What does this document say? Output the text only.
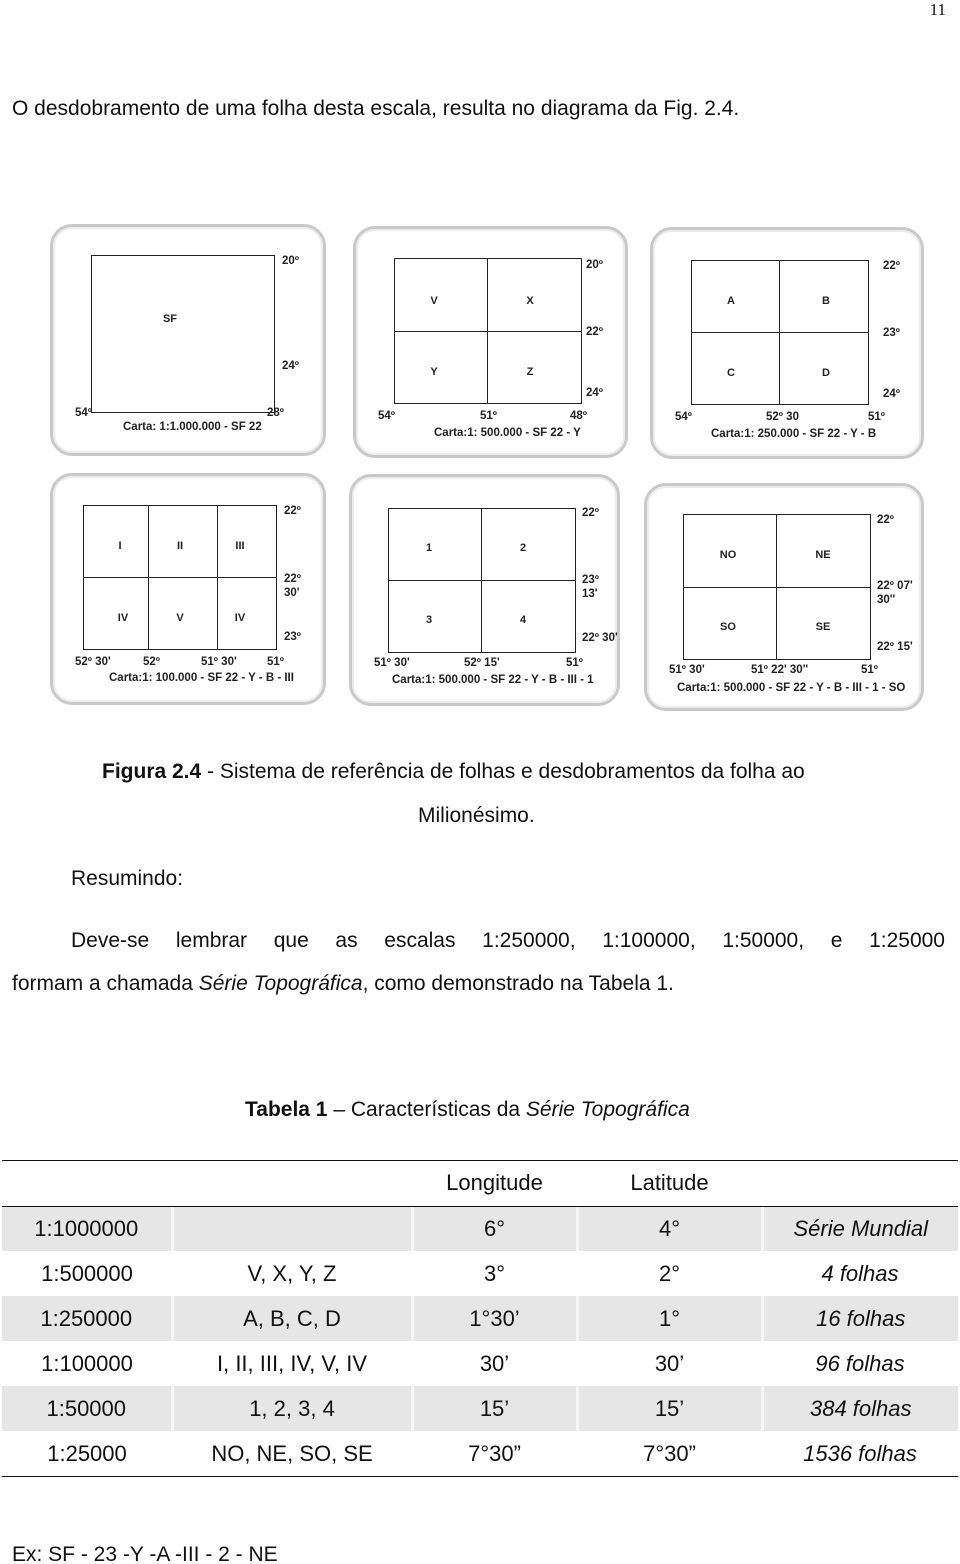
11
O desdobramento de uma folha desta escala, resulta no diagrama da Fig. 2.4.
SF
20º
24º
54º	28º
Carta: 1:1.000.000 - SF 22
V	X
Y	Z
20º
22º
24º
54º	51º	48º
Carta:1: 500.000 - SF 22 - Y
A	B
C	D
22º
23º
24º
54º	52º 30	51º
Carta:1: 250.000 - SF 22 - Y - B
I	II	III
IV	V	IV
22º
22º
30'
23º
52º 30'	52º	51º 30'	51º
Carta:1: 100.000 - SF 22 - Y - B - III
1	2
3	4
22º
23º
13'
22º 30'
51º 30'	52º 15'	51º
Carta:1: 500.000 - SF 22 - Y - B - III - 1
NO	NE
SO	SE
22º
22º 07'
30''
22º 15'
51º 30'	51º 22' 30''	51º
Carta:1: 500.000 - SF 22 - Y - B - III - 1 - SO
Figura 2.4 - Sistema de referência de folhas e desdobramentos da folha ao
Milionésimo.
Resumindo:
Deve-se lembrar que as escalas 1:250000, 1:100000, 1:50000, e 1:25000
formam a chamada Série Topográfica, como demonstrado na Tabela 1.
Tabela 1 – Características da Série Topográfica
		Longitude	Latitude	
1:1000000		6°	4°	Série Mundial
1:500000	V, X, Y, Z	3°	2°	4 folhas
1:250000	A, B, C, D	1°30’	1°	16 folhas
1:100000	I, II, III, IV, V, IV	30’	30’	96 folhas
1:50000	1, 2, 3, 4	15’	15’	384 folhas
1:25000	NO, NE, SO, SE	7°30”	7°30”	1536 folhas
Ex: SF - 23 -Y -A -III - 2 - NE
